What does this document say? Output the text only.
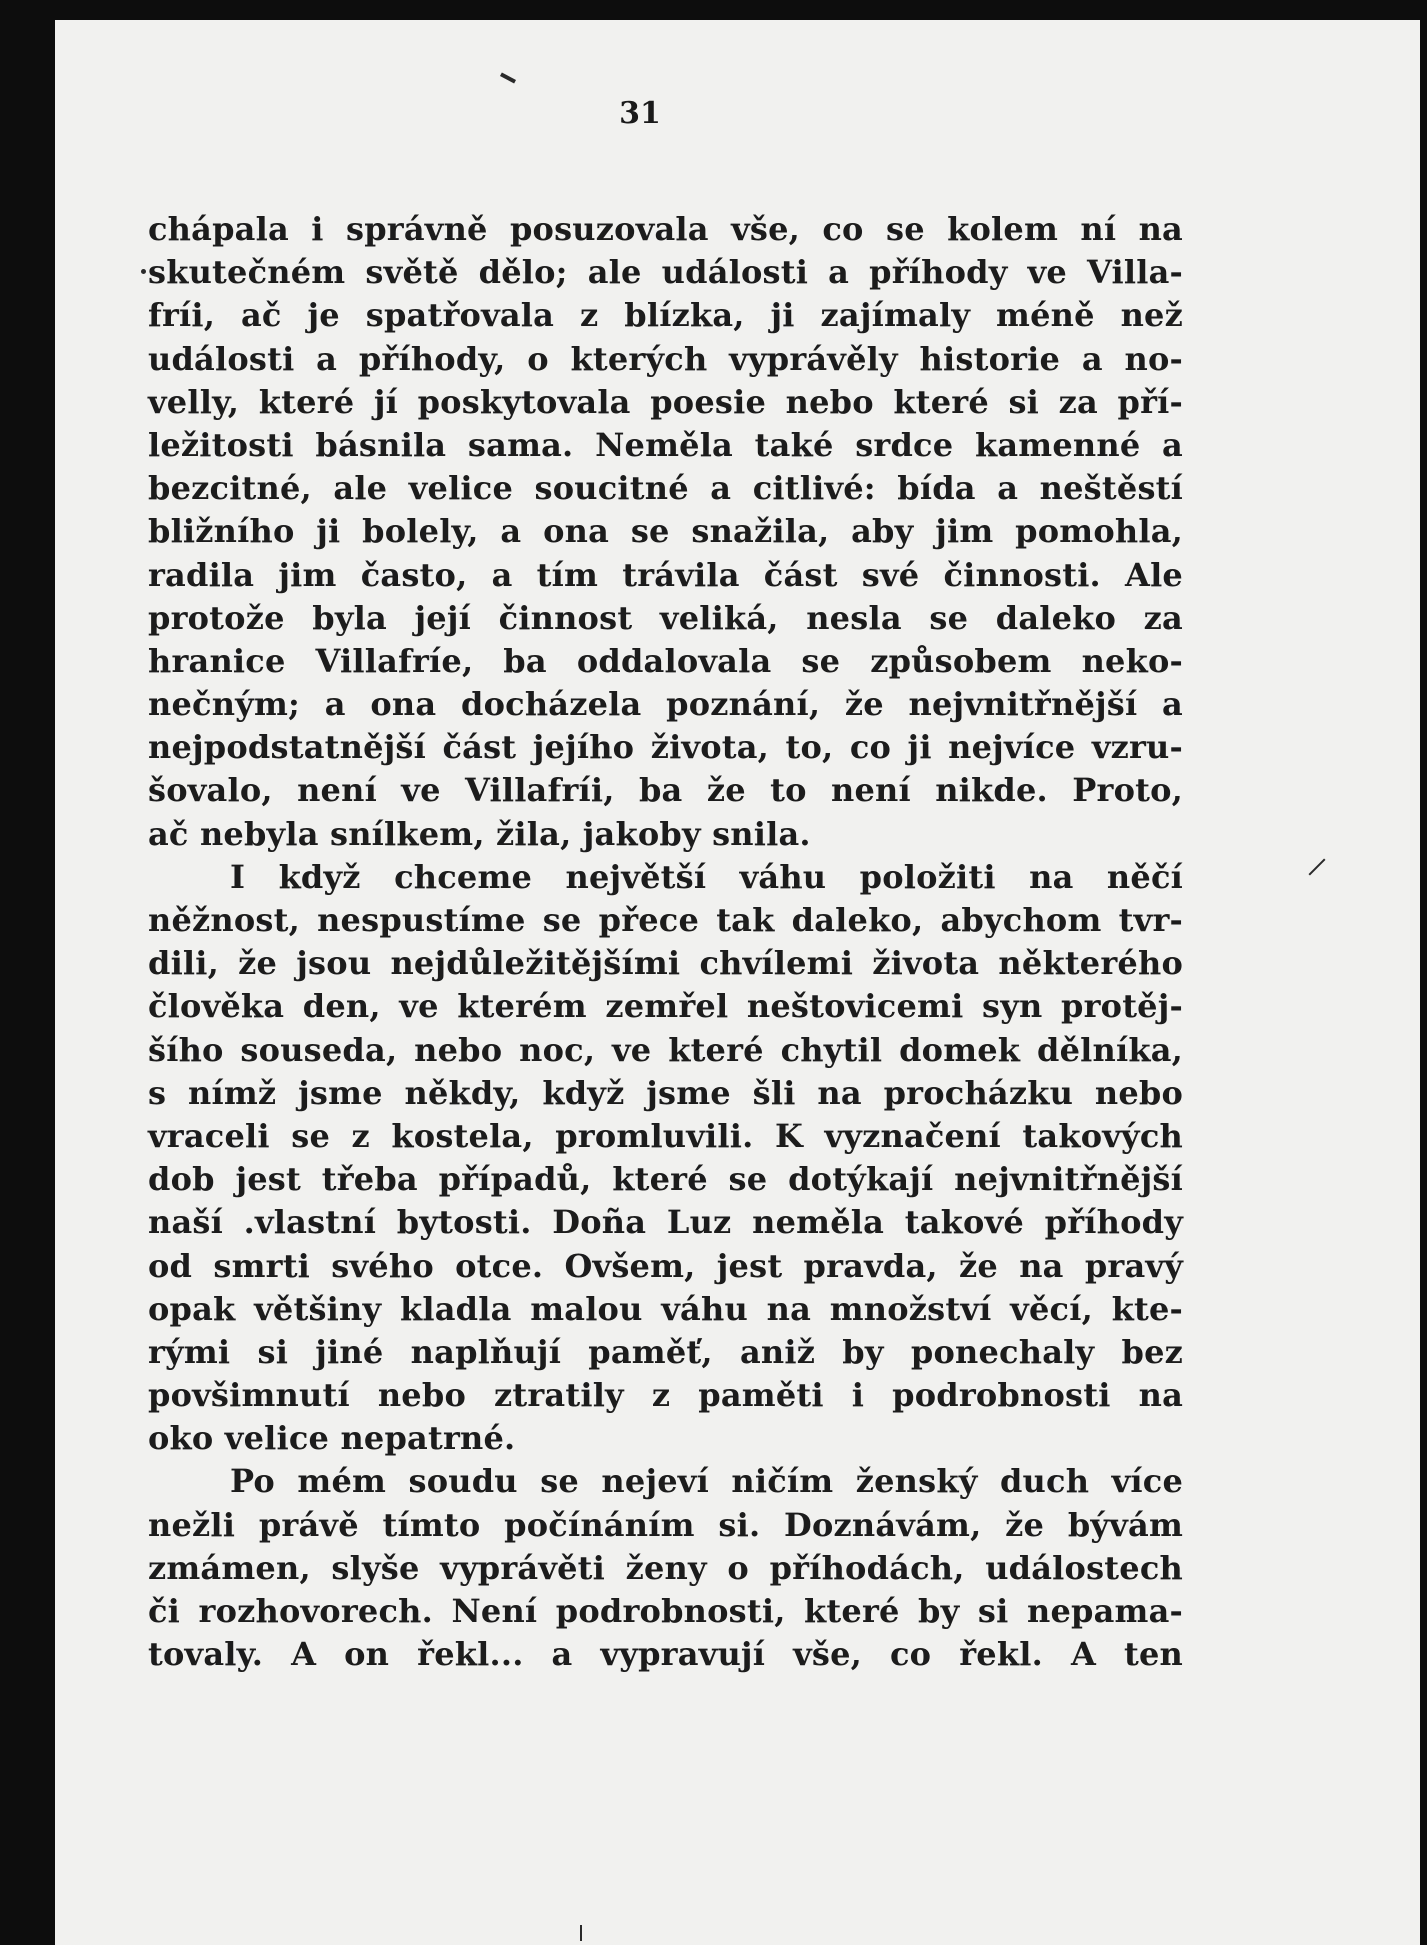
31
chápala i správně posuzovala vše, co se kolem ní na
skutečném světě dělo; ale události a příhody ve Villa-
fríi, ač je spatřovala z blízka, ji zajímaly méně než
události a příhody, o kterých vyprávěly historie a no-
velly, které jí poskytovala poesie nebo které si za pří-
ležitosti básnila sama. Neměla také srdce kamenné a
bezcitné, ale velice soucitné a citlivé: bída a neštěstí
bližního ji bolely, a ona se snažila, aby jim pomohla,
radila jim často, a tím trávila část své činnosti. Ale
protože byla její činnost veliká, nesla se daleko za
hranice Villafríe, ba oddalovala se způsobem neko-
nečným; a ona docházela poznání, že nejvnitřnější a
nejpodstatnější část jejího života, to, co ji nejvíce vzru-
šovalo, není ve Villafríi, ba že to není nikde. Proto,
ač nebyla snílkem, žila, jakoby snila.
I když chceme největší váhu položiti na něčí
něžnost, nespustíme se přece tak daleko, abychom tvr-
dili, že jsou nejdůležitějšími chvílemi života některého
člověka den, ve kterém zemřel neštovicemi syn protěj-
šího souseda, nebo noc, ve které chytil domek dělníka,
s nímž jsme někdy, když jsme šli na procházku nebo
vraceli se z kostela, promluvili. K vyznačení takových
dob jest třeba případů, které se dotýkají nejvnitřnější
naší .vlastní bytosti. Doña Luz neměla takové příhody
od smrti svého otce. Ovšem, jest pravda, že na pravý
opak většiny kladla malou váhu na množství věcí, kte-
rými si jiné naplňují paměť, aniž by ponechaly bez
povšimnutí nebo ztratily z paměti i podrobnosti na
oko velice nepatrné.
Po mém soudu se nejeví ničím ženský duch více
nežli právě tímto počínáním si. Doznávám, že bývám
zmámen, slyše vyprávěti ženy o příhodách, událostech
či rozhovorech. Není podrobnosti, které by si nepama-
tovaly. A on řekl... a vypravují vše, co řekl. A ten
